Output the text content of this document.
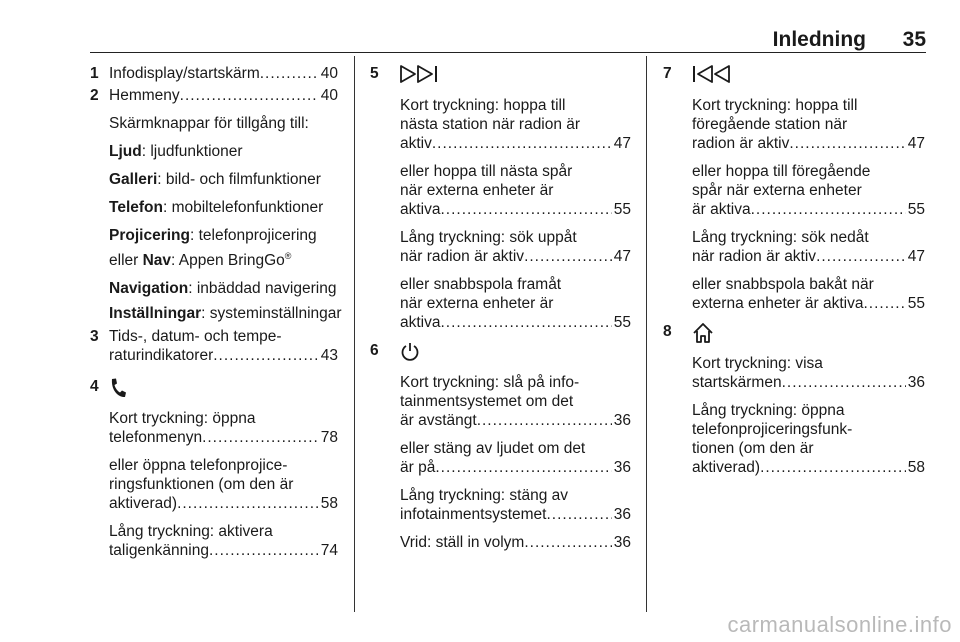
Inledning 35
1 Infodisplay/startskärm .....	40
2 Hemmeny .....	40
Skärmknappar för tillgång till:
Ljud: ljudfunktioner
Galleri: bild- och filmfunktioner
Telefon: mobiltelefonfunktioner
Projicering: telefonprojicering
eller Nav: Appen BringGo®
Navigation: inbäddad navigering
Inställningar: systeminställningar
3 Tids-, datum- och tempe-
raturindikatorer .....	43
4
Kort tryckning: öppna
telefonmenyn .....	78
eller öppna telefonprojice-
ringsfunktionen (om den är
aktiverad) .....	58
Lång tryckning: aktivera
taligenkänning .....	74
5
Kort tryckning: hoppa till
nästa station när radion är
aktiv .....	47
eller hoppa till nästa spår
när externa enheter är
aktiva .....	55
Lång tryckning: sök uppåt
när radion är aktiv .....	47
eller snabbspola framåt
när externa enheter är
aktiva .....	55
6
Kort tryckning: slå på info-
tainmentsystemet om det
är avstängt .....	36
eller stäng av ljudet om det
är på .....	36
Lång tryckning: stäng av
infotainmentsystemet .....	36
Vrid: ställ in volym .....	36
7
Kort tryckning: hoppa till
föregående station när
radion är aktiv .....	47
eller hoppa till föregående
spår när externa enheter
är aktiva .....	55
Lång tryckning: sök nedåt
när radion är aktiv .....	47
eller snabbspola bakåt när
externa enheter är aktiva .....	55
8
Kort tryckning: visa
startskärmen .....	36
Lång tryckning: öppna
telefonprojiceringsfunk-
tionen (om den är
aktiverad) .....	58
carmanualsonline.info
